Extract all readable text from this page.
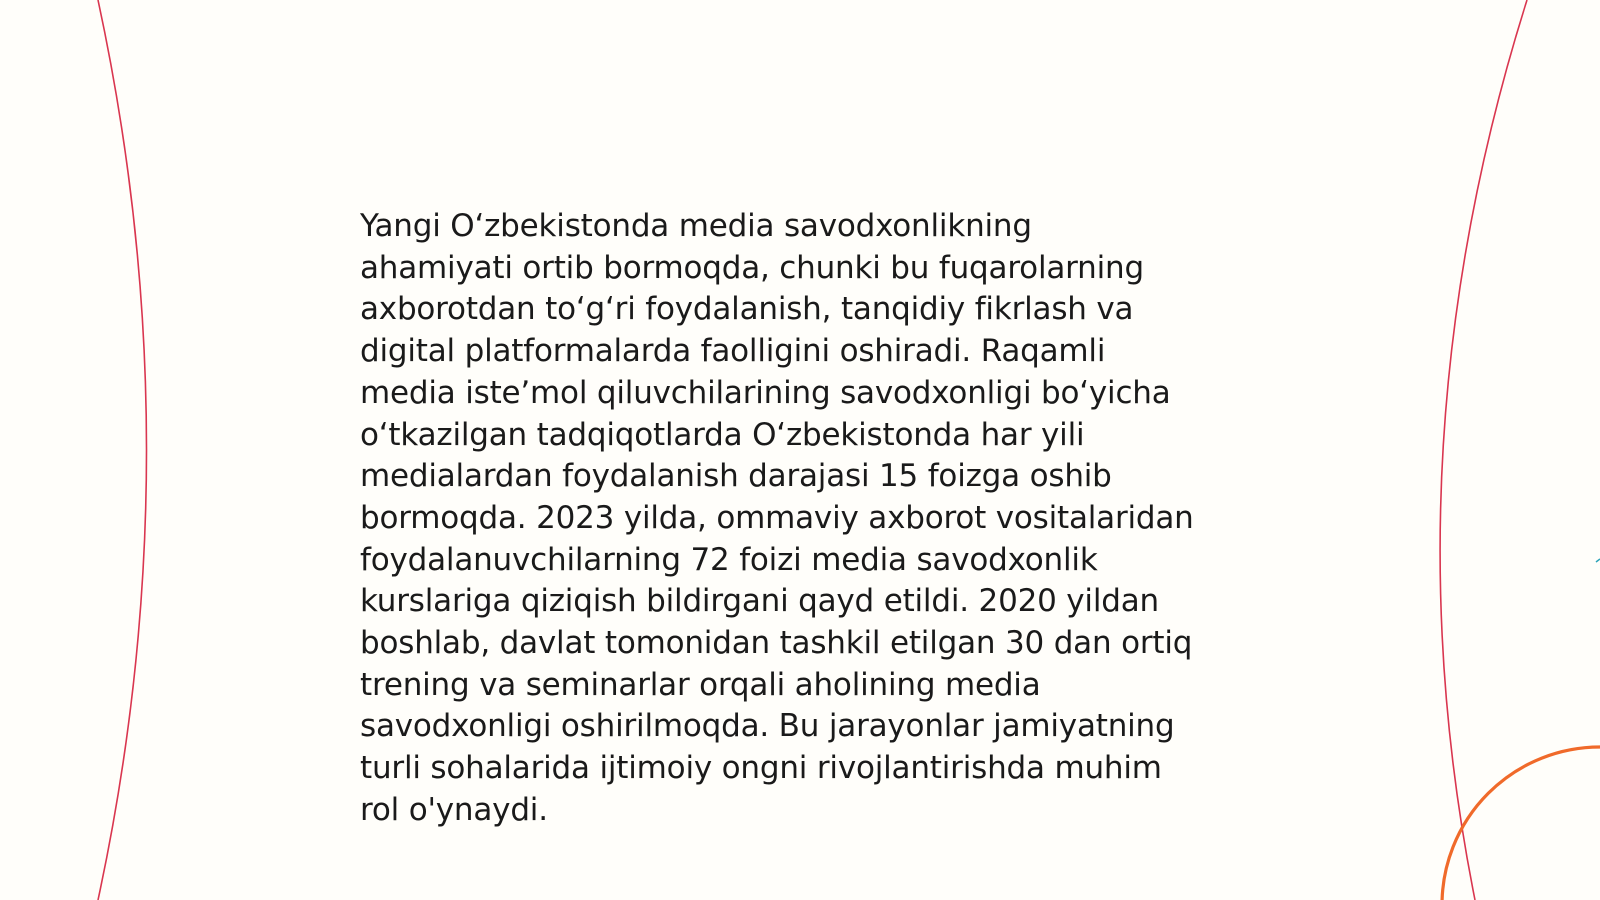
Yangi O‘zbekistonda media savodxonlikning
ahamiyati ortib bormoqda, chunki bu fuqarolarning
axborotdan to‘g‘ri foydalanish, tanqidiy fikrlash va
digital platformalarda faolligini oshiradi. Raqamli
media iste’mol qiluvchilarining savodxonligi bo‘yicha
o‘tkazilgan tadqiqotlarda O‘zbekistonda har yili
medialardan foydalanish darajasi 15 foizga oshib
bormoqda. 2023 yilda, ommaviy axborot vositalaridan
foydalanuvchilarning 72 foizi media savodxonlik
kurslariga qiziqish bildirgani qayd etildi. 2020 yildan
boshlab, davlat tomonidan tashkil etilgan 30 dan ortiq
trening va seminarlar orqali aholining media
savodxonligi oshirilmoqda. Bu jarayonlar jamiyatning
turli sohalarida ijtimoiy ongni rivojlantirishda muhim
rol o'ynaydi.
